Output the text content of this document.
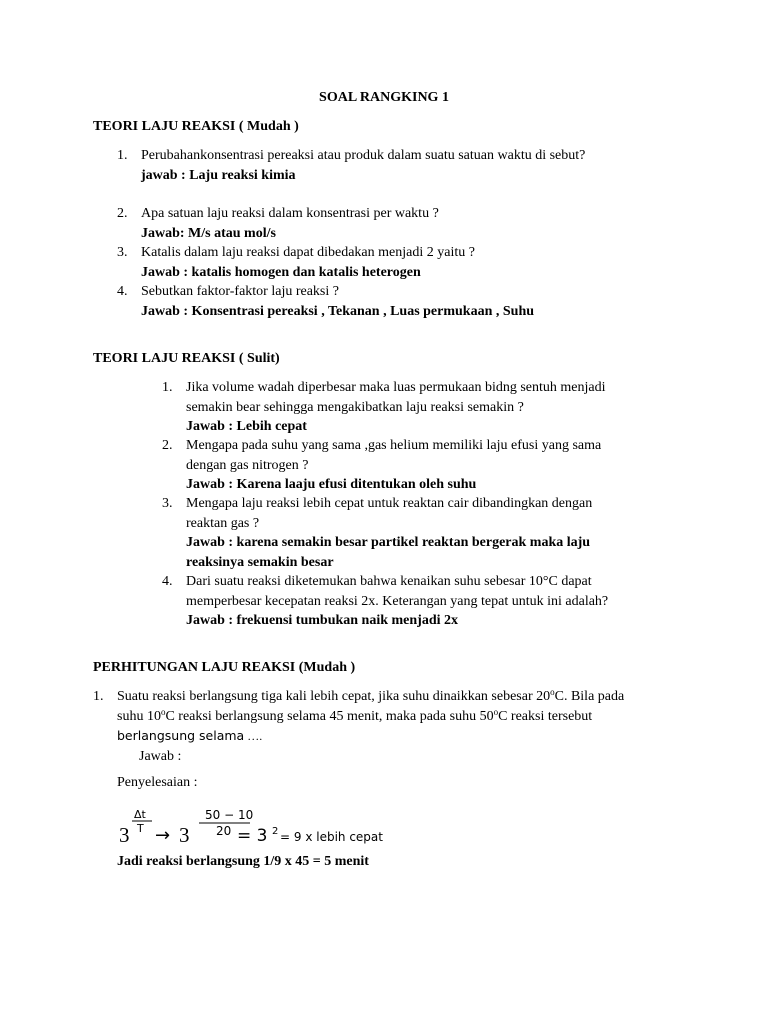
SOAL RANGKING 1
TEORI LAJU REAKSI ( Mudah )
1. Perubahankonsentrasi pereaksi atau produk dalam suatu satuan waktu di sebut?
jawab : Laju reaksi kimia
2. Apa satuan laju reaksi dalam konsentrasi per waktu ?
Jawab: M/s atau mol/s
3. Katalis dalam laju reaksi dapat dibedakan menjadi 2 yaitu ?
Jawab : katalis homogen dan katalis heterogen
4. Sebutkan faktor-faktor laju reaksi ?
Jawab : Konsentrasi pereaksi , Tekanan , Luas permukaan , Suhu
TEORI LAJU REAKSI ( Sulit)
1. Jika volume wadah diperbesar maka luas permukaan bidng sentuh menjadi
semakin bear sehingga mengakibatkan laju reaksi semakin ?
Jawab : Lebih cepat
2. Mengapa pada suhu yang sama ,gas helium memiliki laju efusi yang sama
dengan gas nitrogen ?
Jawab : Karena laaju efusi ditentukan oleh suhu
3. Mengapa laju reaksi lebih cepat untuk reaktan cair dibandingkan dengan
reaktan gas ?
Jawab : karena semakin besar partikel reaktan bergerak maka laju
reaksinya semakin besar
4. Dari suatu reaksi diketemukan bahwa kenaikan suhu sebesar 10°C dapat
memperbesar kecepatan reaksi 2x. Keterangan yang tepat untuk ini adalah?
Jawab : frekuensi tumbukan naik menjadi 2x
PERHITUNGAN LAJU REAKSI (Mudah )
1. Suatu reaksi berlangsung tiga kali lebih cepat, jika suhu dinaikkan sebesar 20$^o$C. Bila pada
suhu 10$^o$C reaksi berlangsung selama 45 menit, maka pada suhu 50$^o$C reaksi tersebut
berlangsung selama ….
Jawab :
Penyelesaian :
3
Δt
T → 3
50 − 10
20 = 3 2 = 9 x lebih cepat
Jadi reaksi berlangsung 1/9 x 45 = 5 menit
